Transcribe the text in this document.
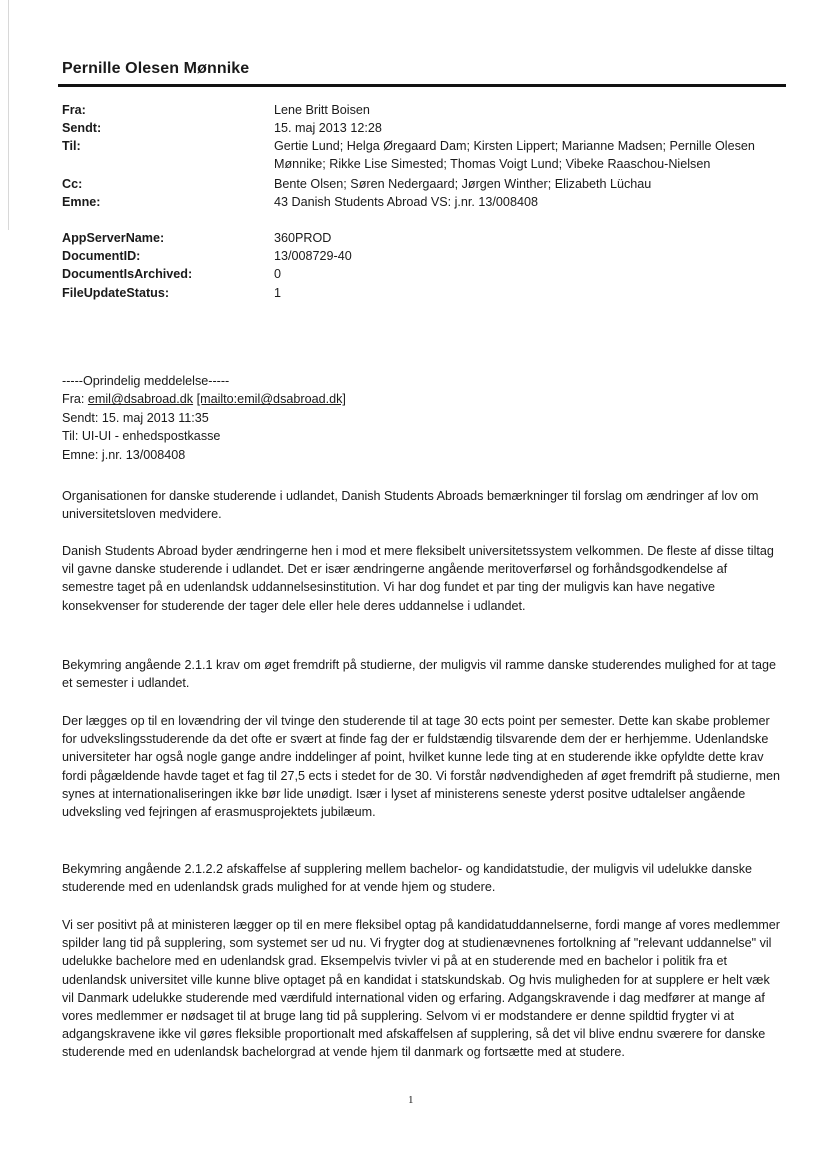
Pernille Olesen Mønnike
Fra:	Lene Britt Boisen
Sendt:	15. maj 2013 12:28
Til:	Gertie Lund; Helga Øregaard Dam; Kirsten Lippert; Marianne Madsen; Pernille Olesen Mønnike; Rikke Lise Simested; Thomas Voigt Lund; Vibeke Raaschou-Nielsen
Cc:	Bente Olsen; Søren Nedergaard; Jørgen Winther; Elizabeth Lüchau
Emne:	43 Danish Students Abroad VS: j.nr. 13/008408
AppServerName:	360PROD
DocumentID:	13/008729-40
DocumentIsArchived:	0
FileUpdateStatus:	1
-----Oprindelig meddelelse-----
Fra: emil@dsabroad.dk [mailto:emil@dsabroad.dk]
Sendt: 15. maj 2013 11:35
Til: UI-UI - enhedspostkasse
Emne: j.nr. 13/008408
Organisationen for danske studerende i udlandet, Danish Students Abroads bemærkninger til forslag om ændringer af lov om universitetsloven medvidere.
Danish Students Abroad byder ændringerne hen i mod et mere fleksibelt universitetssystem velkommen. De fleste af disse tiltag vil gavne danske studerende i udlandet. Det er især ændringerne angående meritoverførsel og forhåndsgodkendelse af semestre taget på en udenlandsk uddannelsesinstitution. Vi har dog fundet et par ting der muligvis kan have negative konsekvenser for studerende der tager dele eller hele deres uddannelse i udlandet.
Bekymring angående 2.1.1 krav om øget fremdrift på studierne, der muligvis vil ramme danske studerendes mulighed for at tage et semester i udlandet.
Der lægges op til en lovændring der vil tvinge den studerende til at tage 30 ects point per semester. Dette kan skabe problemer for udvekslingsstuderende da det ofte er svært at finde fag der er fuldstændig tilsvarende dem der er herhjemme. Udenlandske universiteter har også nogle gange andre inddelinger af point, hvilket kunne lede ting at en studerende ikke opfyldte dette krav fordi pågældende havde taget et fag til 27,5 ects i stedet for de 30. Vi forstår nødvendigheden af øget fremdrift på studierne, men synes at internationaliseringen ikke bør lide unødigt. Især i lyset af ministerens seneste yderst positve udtalelser angående udveksling ved fejringen af erasmusprojektets jubilæum.
Bekymring angående 2.1.2.2 afskaffelse af supplering mellem bachelor- og kandidatstudie, der muligvis vil udelukke danske studerende med en udenlandsk grads mulighed for at vende hjem og studere.
Vi ser positivt på at ministeren lægger op til en mere fleksibel optag på kandidatuddannelserne, fordi mange af vores medlemmer spilder lang tid på supplering, som systemet ser ud nu. Vi frygter dog at studienævnenes fortolkning af "relevant uddannelse" vil udelukke bachelore med en udenlandsk grad. Eksempelvis tvivler vi på at en studerende med en bachelor i politik fra et udenlandsk universitet ville kunne blive optaget på en kandidat i statskundskab. Og hvis muligheden for at supplere er helt væk vil Danmark udelukke studerende med værdifuld international viden og erfaring. Adgangskravende i dag medfører at mange af vores medlemmer er nødsaget til at bruge lang tid på supplering. Selvom vi er modstandere er denne spildtid frygter vi at adgangskravene ikke vil gøres fleksible proportionalt med afskaffelsen af supplering, så det vil blive endnu sværere for danske studerende med en udenlandsk bachelorgrad at vende hjem til danmark og fortsætte med at studere.
1
